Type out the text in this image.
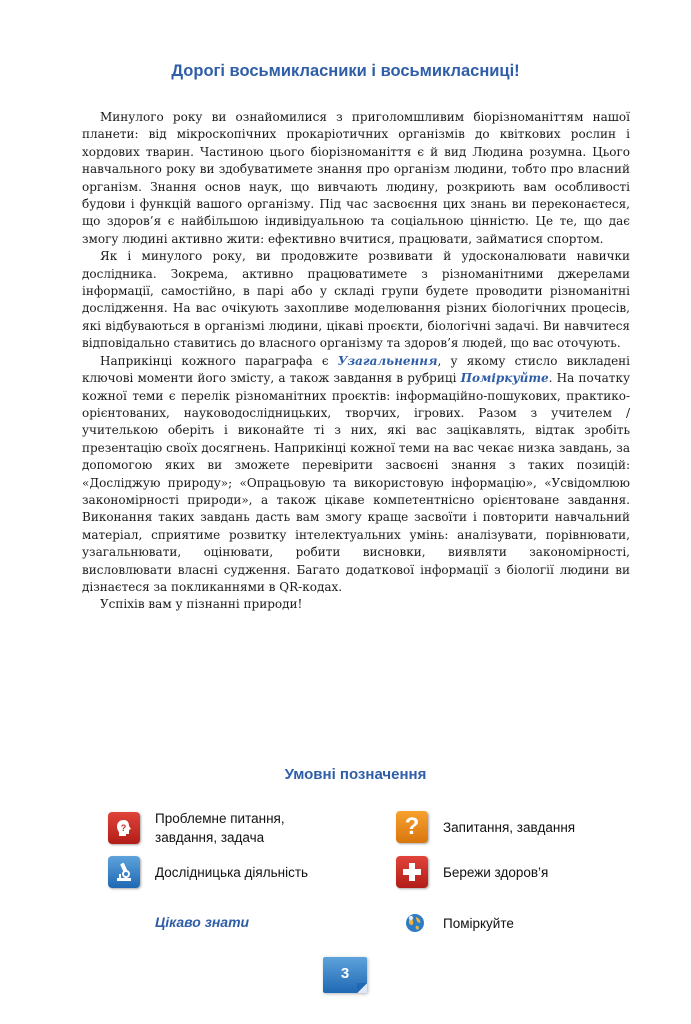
Дорогі восьмикласники і восьмикласниці!

Минулого року ви ознайомилися з приголомшливим біорізноманіттям нашої планети: від мікроскопічних прокаріотичних організмів до квіткових рослин і хордових тварин. Частиною цього біорізноманіття є й вид Людина розумна. Цього навчального року ви здобуватимете знання про організм людини, тобто про власний організм. Знання основ наук, що вивчають людину, розкриють вам особливості будови і функцій вашого організму. Під час засвоєння цих знань ви переконаєтеся, що здоров’я є найбільшою індивідуальною та соціальною цінністю. Це те, що дає змогу людині активно жити: ефективно вчитися, працювати, займатися спортом.

Як і минулого року, ви продовжите розвивати й удосконалювати навички дослідника. Зокрема, активно працюватимете з різноманітними джерелами інформації, самостійно, в парі або у складі групи будете проводити різноманітні дослідження. На вас очікують захопливе моделювання різних біологічних процесів, які відбуваються в організмі людини, цікаві проєкти, біологічні задачі. Ви навчитеся відповідально ставитись до власного організму та здоров’я людей, що вас оточують.

Наприкінці кожного параграфа є Узагальнення, у якому стисло викладені ключові моменти його змісту, а також завдання в рубриці Поміркуйте. На початку кожної теми є перелік різноманітних проєктів: інформаційно-пошукових, практико-орієнтованих, науководослідницьких, творчих, ігрових. Разом з учителем / учителькою оберіть і виконайте ті з них, які вас зацікавлять, відтак зробіть презентацію своїх досягнень. Наприкінці кожної теми на вас чекає низка завдань, за допомогою яких ви зможете перевірити засвоєні знання з таких позицій: «Досліджую природу»; «Опрацьовую та використовую інформацію», «Усвідомлюю закономірності природи», а також цікаве компетентнісно орієнтоване завдання. Виконання таких завдань дасть вам змогу краще засвоїти і повторити навчальний матеріал, сприятиме розвитку інтелектуальних умінь: аналізувати, порівнювати, узагальнювати, оцінювати, робити висновки, виявляти закономірності, висловлювати власні судження. Багато додаткової інформації з біології людини ви дізнаєтеся за покликаннями в QR-кодах.

Успіхів вам у пізнанні природи!

Умовні позначення
?
Проблемне питання,
завдання, задача	? Запитання, завдання
Дослідницька діяльність	Бережи здоров’я
Цікаво знати	Поміркуйте
3
